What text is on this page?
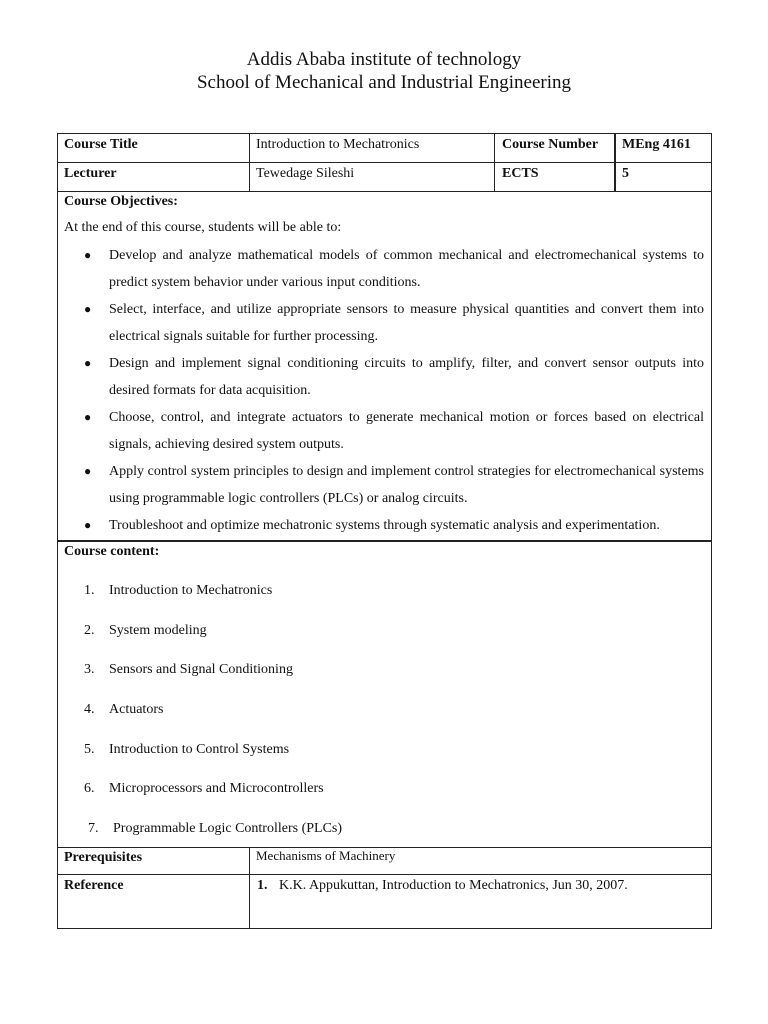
Addis Ababa institute of technology
School of Mechanical and Industrial Engineering
Course Title	Introduction to Mechatronics	Course Number MEng 4161
Lecturer	Tewedage Sileshi	ECTS	5
Course Objectives:
At the end of this course, students will be able to:
● Develop and analyze mathematical models of common mechanical and electromechanical systems to predict system behavior under various input conditions.
● Select, interface, and utilize appropriate sensors to measure physical quantities and convert them into electrical signals suitable for further processing.
● Design and implement signal conditioning circuits to amplify, filter, and convert sensor outputs into desired formats for data acquisition.
● Choose, control, and integrate actuators to generate mechanical motion or forces based on electrical signals, achieving desired system outputs.
● Apply control system principles to design and implement control strategies for electromechanical systems using programmable logic controllers (PLCs) or analog circuits.
● Troubleshoot and optimize mechatronic systems through systematic analysis and experimentation.
Course content:
1.	Introduction to Mechatronics
2.	System modeling
3.	Sensors and Signal Conditioning
4.	Actuators
5.	Introduction to Control Systems
6.	Microprocessors and Microcontrollers
7.	Programmable Logic Controllers (PLCs)
Prerequisites	Mechanisms of Machinery
Reference	1. K.K. Appukuttan, Introduction to Mechatronics, Jun 30, 2007.
